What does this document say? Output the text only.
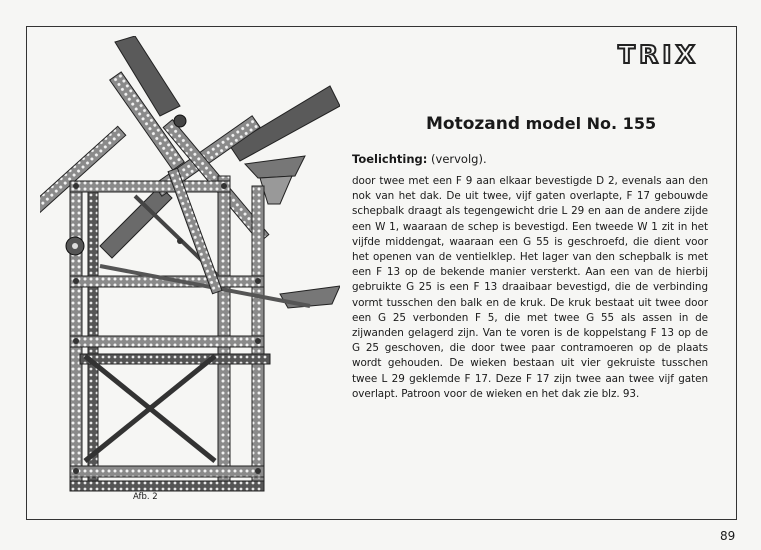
TRIX
Motozand model No. 155
Toelichting: (vervolg).
door twee met een F 9 aan elkaar bevestigde D 2, evenals aan den nok van het dak. De uit twee, vijf gaten overlapte, F 17 gebouwde schepbalk draagt als tegengewicht drie L 29 en aan de andere zijde een W 1, waaraan de schep is bevestigd. Een tweede W 1 zit in het vijfde middengat, waaraan een G 55 is geschroefd, die dient voor het openen van de ventielklep. Het lager van den schepbalk is met een F 13 op de bekende manier versterkt. Aan een van de hierbij gebruikte G 25 is een F 13 draaibaar bevestigd, die de verbinding vormt tusschen den balk en de kruk. De kruk bestaat uit twee door een G 25 verbonden F 5, die met twee G 55 als assen in de zijwanden gelagerd zijn. Van te voren is de koppelstang F 13 op de G 25 geschoven, die door twee paar contramoeren op de plaats wordt gehouden. De wieken bestaan uit vier gekruiste tusschen twee L 29 geklemde F 17. Deze F 17 zijn twee aan twee vijf gaten overlapt. Patroon voor de wieken en het dak zie blz. 93.
Afb. 2
89
